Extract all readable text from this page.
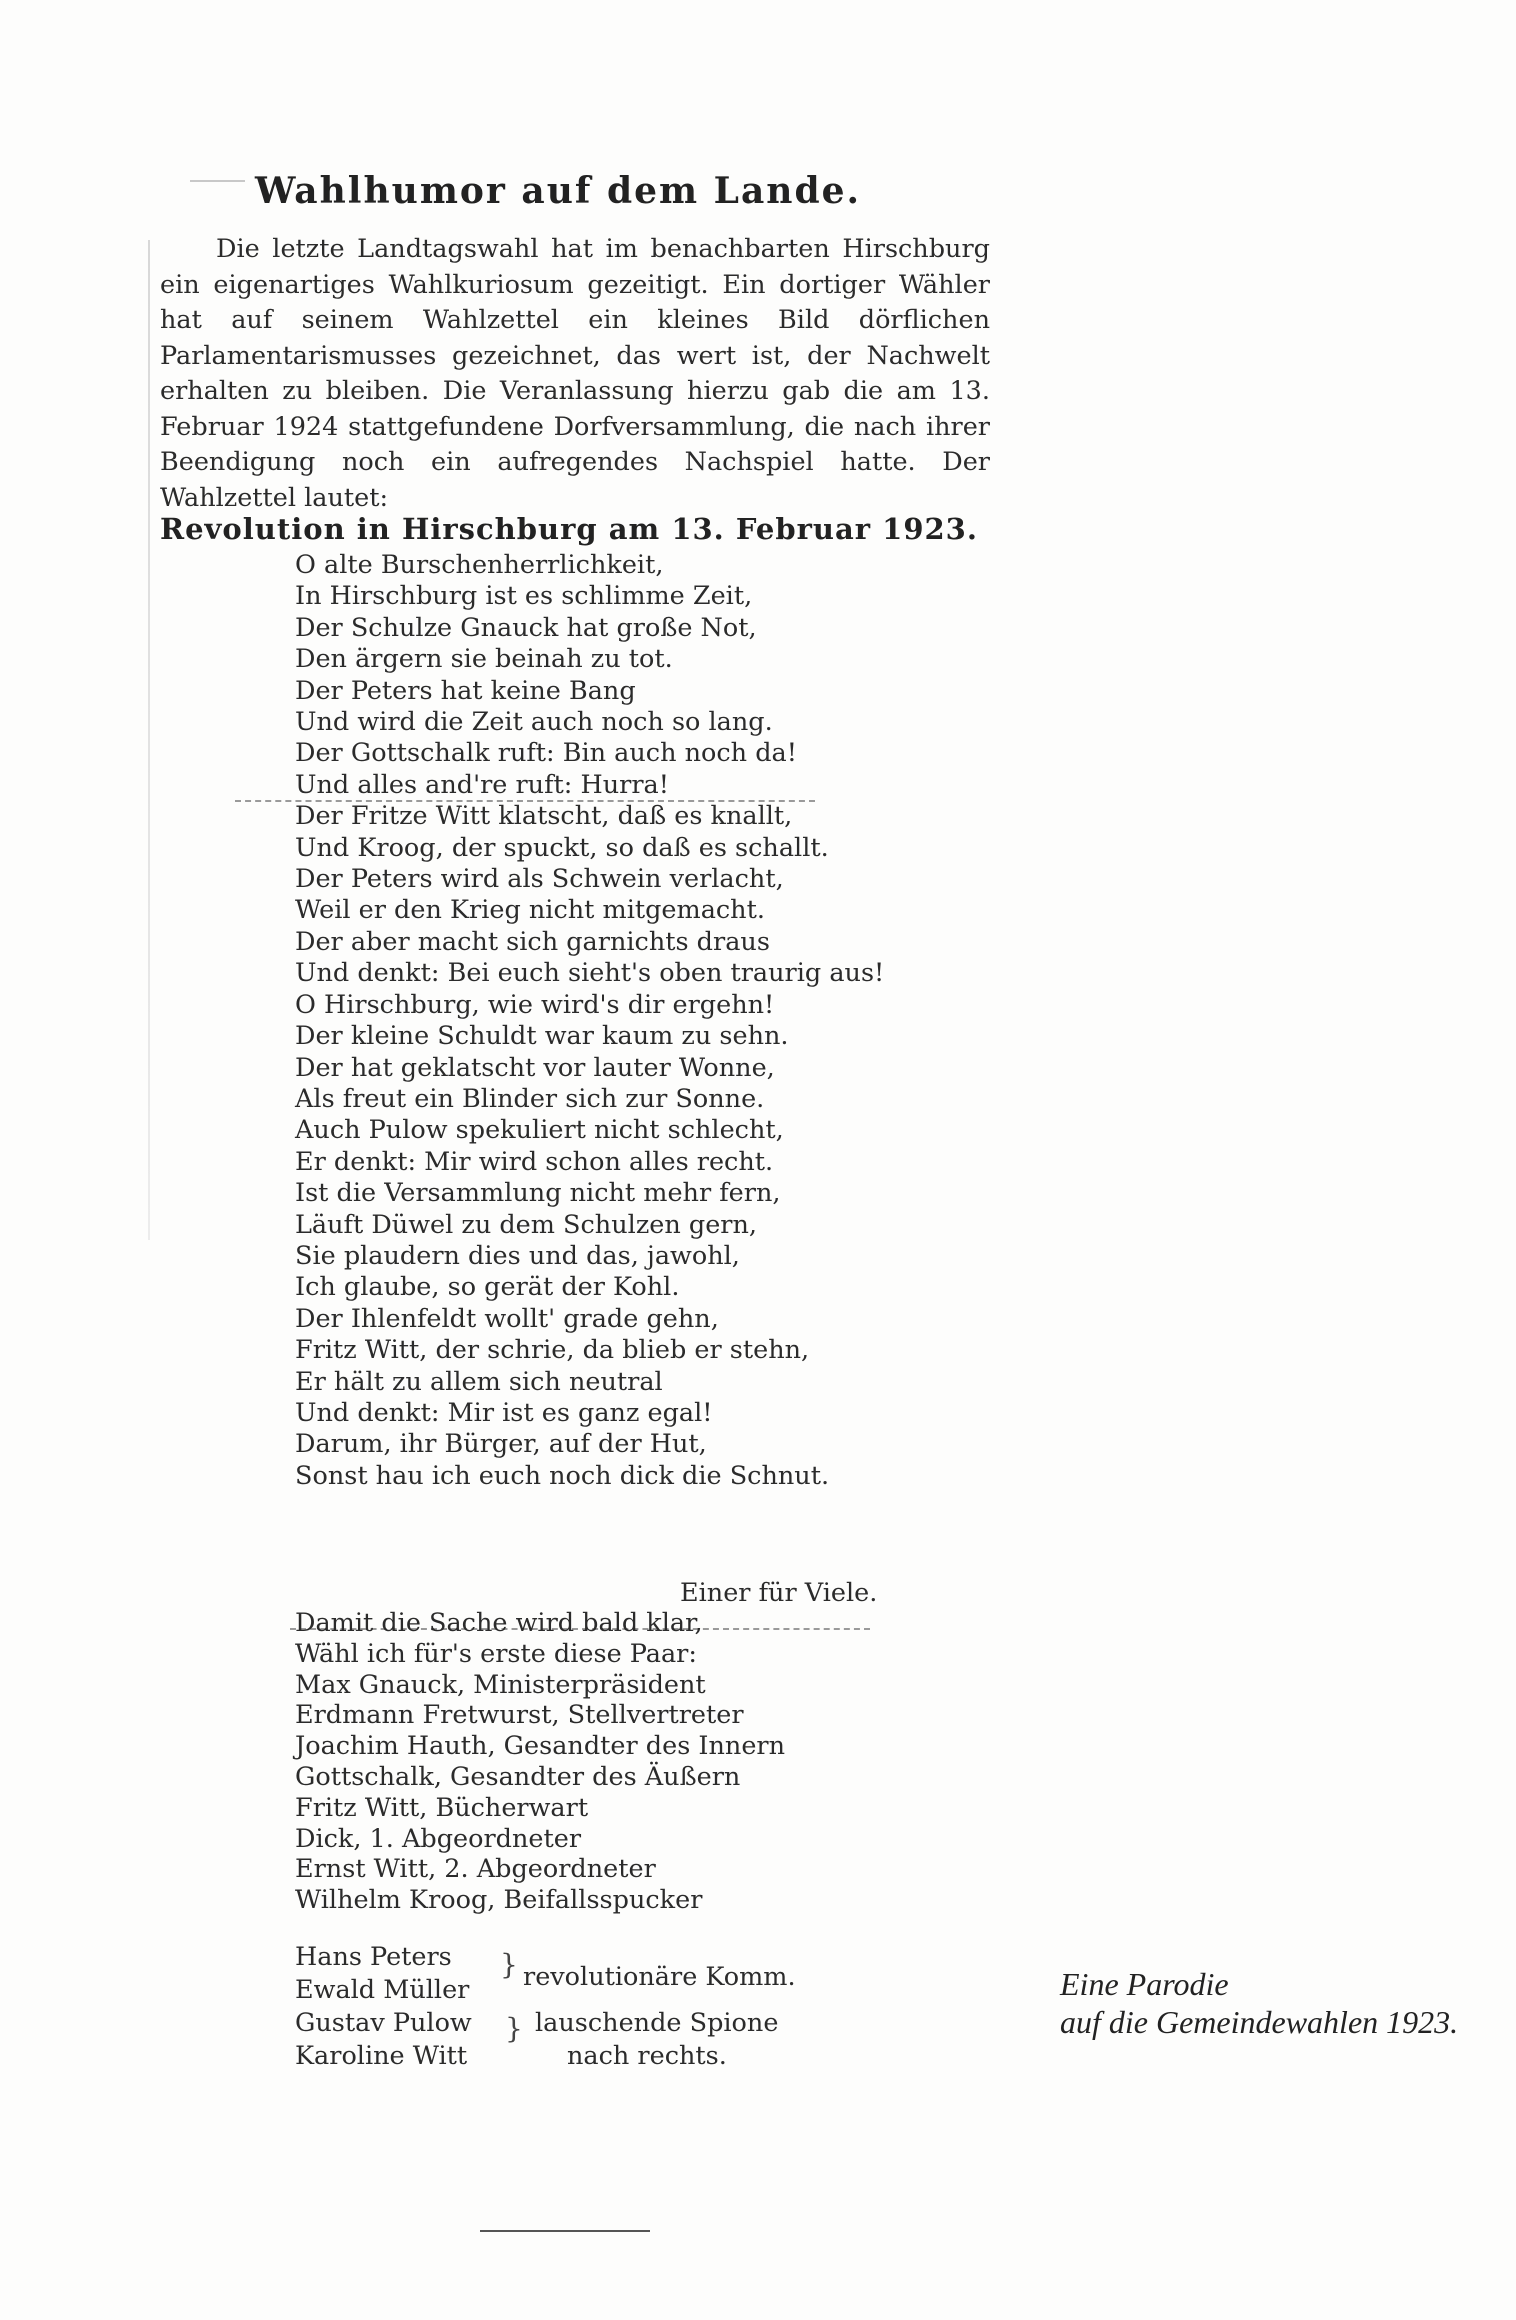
Wahlhumor auf dem Lande.

Die letzte Landtagswahl hat im benachbarten Hirschburg ein eigenartiges Wahlkuriosum gezeitigt. Ein dortiger Wähler hat auf seinem Wahlzettel ein kleines Bild dörflichen Parlamentarismusses gezeichnet, das wert ist, der Nachwelt erhalten zu bleiben. Die Veranlassung hierzu gab die am 13. Februar 1924 stattgefundene Dorfversammlung, die nach ihrer Beendigung noch ein aufregendes Nachspiel hatte. Der Wahlzettel lautet:

Revolution in Hirschburg am 13. Februar 1923.
O alte Burschenherrlichkeit,
In Hirschburg ist es schlimme Zeit,
Der Schulze Gnauck hat große Not,
Den ärgern sie beinah zu tot.
Der Peters hat keine Bang
Und wird die Zeit auch noch so lang.
Der Gottschalk ruft: Bin auch noch da!
Und alles and're ruft: Hurra!
Der Fritze Witt klatscht, daß es knallt,
Und Kroog, der spuckt, so daß es schallt.
Der Peters wird als Schwein verlacht,
Weil er den Krieg nicht mitgemacht.
Der aber macht sich garnichts draus
Und denkt: Bei euch sieht's oben traurig aus!
O Hirschburg, wie wird's dir ergehn!
Der kleine Schuldt war kaum zu sehn.
Der hat geklatscht vor lauter Wonne,
Als freut ein Blinder sich zur Sonne.
Auch Pulow spekuliert nicht schlecht,
Er denkt: Mir wird schon alles recht.
Ist die Versammlung nicht mehr fern,
Läuft Düwel zu dem Schulzen gern,
Sie plaudern dies und das, jawohl,
Ich glaube, so gerät der Kohl.
Der Ihlenfeldt wollt' grade gehn,
Fritz Witt, der schrie, da blieb er stehn,
Er hält zu allem sich neutral
Und denkt: Mir ist es ganz egal!
Darum, ihr Bürger, auf der Hut,
Sonst hau ich euch noch dick die Schnut.
Einer für Viele.
Damit die Sache wird bald klar,
Wähl ich für's erste diese Paar:
Max Gnauck, Ministerpräsident
Erdmann Fretwurst, Stellvertreter
Joachim Hauth, Gesandter des Innern
Gottschalk, Gesandter des Äußern
Fritz Witt, Bücherwart
Dick, 1. Abgeordneter
Ernst Witt, 2. Abgeordneter
Wilhelm Kroog, Beifallsspucker
Hans Peters
Ewald Müller
Gustav Pulow
Karoline Witt
} revolutionäre Komm.
} lauschende Spione
nach rechts.
Eine Parodie
auf die Gemeindewahlen 1923.
